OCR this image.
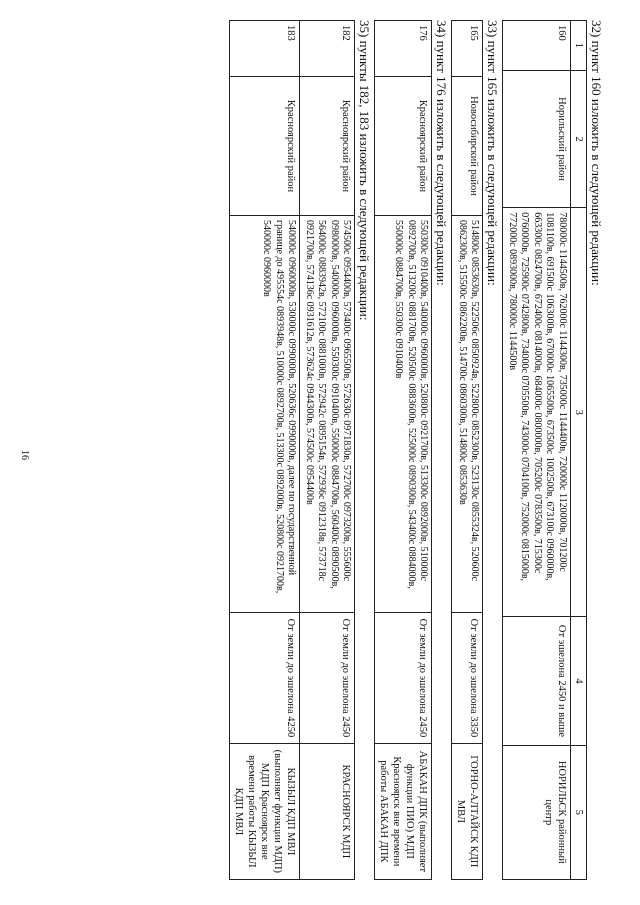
16
32) пункт 160 изложить в следующей редакции:
1	2	3	4	5
160	Норильский район	780000с 1144500в, 762000с 1144300в, 735000с 1144400в, 720000с 1120000в, 701200с 1081100в, 691500с 1063000в, 670000с 1065500в, 673500с 1002500в, 673100с 0960000в, 663300с 0824700в, 672400с 0814000в, 684000с 0800000в, 705200с 0783500в, 715300с 0760000в, 725900с 0742800в, 734000с 0705500в, 743000с 0704100в, 752000с 0815000в, 772000с 0893000в, 780000с 1144500в	От эшелона 2450 и выше	НОРИЛЬСК районный центр
33) пункт 165 изложить в следующей редакции:
165	Новосибирский район	514800с 0853630в, 522506с 0850924в, 522800с 0852300в, 523130с 0855324в, 520600с 0862300в, 515500с 0862200в, 514700с 0860300в, 514800с 0853630в	От земли до эшелона 3350	ГОРНО-АЛТАЙСК КДП МВЛ
34) пункт 176 изложить в следующей редакции:
176	Красноярский район	550300с 0910400в, 540000с 0960000в, 520800с 0921700в, 513300с 0892000в, 510000с 0892700в, 513200с 0881700в, 520500с 0883600в, 525000с 0890300в, 543400с 0884000в, 550000с 0884700в, 550300с 0910400в	От земли до эшелона 2450	АБАКАН ДПК (выполняет функции ПИО) МДП Красноярск вне времени работы АБАКАН ДПК
35) пункты 182, 183 изложить в следующей редакции:
182	Красноярский район	574500с 0954400в, 573400с 0965500в, 572630с 0971830в, 572700с 0973200в, 555600с 0980000в, 540000с 0960000в, 550300с 0910400в, 550000с 0884700в, 560400с 0890500в, 564000с 0883942в, 572100с 0881000в, 572942с 0895154в, 572936с 0912318в, 573718с 0921700в, 574136с 0931612в, 573624с 0944300в, 574500с 0954400в	От земли до эшелона 2450	КРАСНОЯРСК МДП
183	Красноярский район	540000с 0960000в, 530000с 0990000в, 520636с 0990000в, далее по государственной границе до 495554с 0893948в, 510000с 0892700в, 513300с 0892000в, 520800с 0921700в, 540000с 0960000в	От земли до эшелона 4250	КЫЗЫЛ КДП МВЛ (выполняет функции МДП) МДП Красноярск вне времени работы КЫЗЫЛ КДП МВЛ
